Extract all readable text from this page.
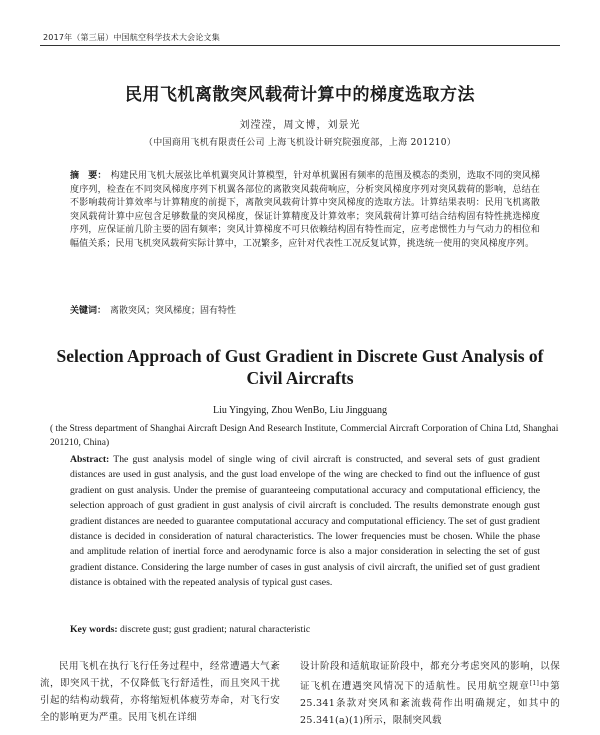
2017年（第三届）中国航空科学技术大会论文集
民用飞机离散突风载荷计算中的梯度选取方法
刘滢滢，周文博，刘景光
（中国商用飞机有限责任公司 上海飞机设计研究院强度部，上海 201210）
摘　要： 构建民用飞机大展弦比单机翼突风计算模型，针对单机翼困有频率的范围及模态的类别，选取不同的突风梯度序列，检查在不同突风梯度序列下机翼各部位的离散突风载荷响应，分析突风梯度序列对突风载荷的影响，总结在不影响载荷计算效率与计算精度的前提下，离散突风载荷计算中突风梯度的选取方法。计算结果表明：民用飞机离散突风载荷计算中应包含足够数量的突风梯度，保证计算精度及计算效率；突风载荷计算可结合结构固有特性挑选梯度序列，应保证前几阶主要的固有频率；突风计算梯度不可只依赖结构固有特性而定，应考虑惯性力与气动力的相位和幅值关系；民用飞机突风载荷实际计算中，工况繁多，应针对代表性工况反复试算，挑选统一使用的突风梯度序列。
关键词： 离散突风；突风梯度；固有特性
Selection Approach of Gust Gradient in Discrete Gust Analysis of Civil Aircrafts
Liu Yingying, Zhou WenBo, Liu Jingguang
( the Stress department of Shanghai Aircraft Design And Research Institute, Commercial Aircraft Corporation of China Ltd, Shanghai 201210, China)
Abstract: The gust analysis model of single wing of civil aircraft is constructed, and several sets of gust gradient distances are used in gust analysis, and the gust load envelope of the wing are checked to find out the influence of gust gradient on gust analysis. Under the premise of guaranteeing computational accuracy and computational efficiency, the selection approach of gust gradient in gust analysis of civil aircraft is concluded. The results demonstrate enough gust gradient distances are needed to guarantee computational accuracy and computational efficiency. The set of gust gradient distance is decided in consideration of natural characteristics. The lower frequencies must be chosen. While the phase and amplitude relation of inertial force and aerodynamic force is also a major consideration in selecting the set of gust gradient distance. Considering the large number of cases in gust analysis of civil aircraft, the unified set of gust gradient distance is obtained with the repeated analysis of typical gust cases.
Key words: discrete gust; gust gradient; natural characteristic
民用飞机在执行飞行任务过程中，经常遭遇大气紊流，即突风干扰，不仅降低飞行舒适性，而且突风干扰引起的结构动载荷，亦将缩短机体疲劳寿命，对飞行安全的影响更为严重。民用飞机在详细
设计阶段和适航取证阶段中，都充分考虑突风的影响，以保证飞机在遭遇突风情况下的适航性。民用航空规章[1]中第25.341条款对突风和紊流载荷作出明确规定，如其中的25.341(a)(1)所示，限制突风载
